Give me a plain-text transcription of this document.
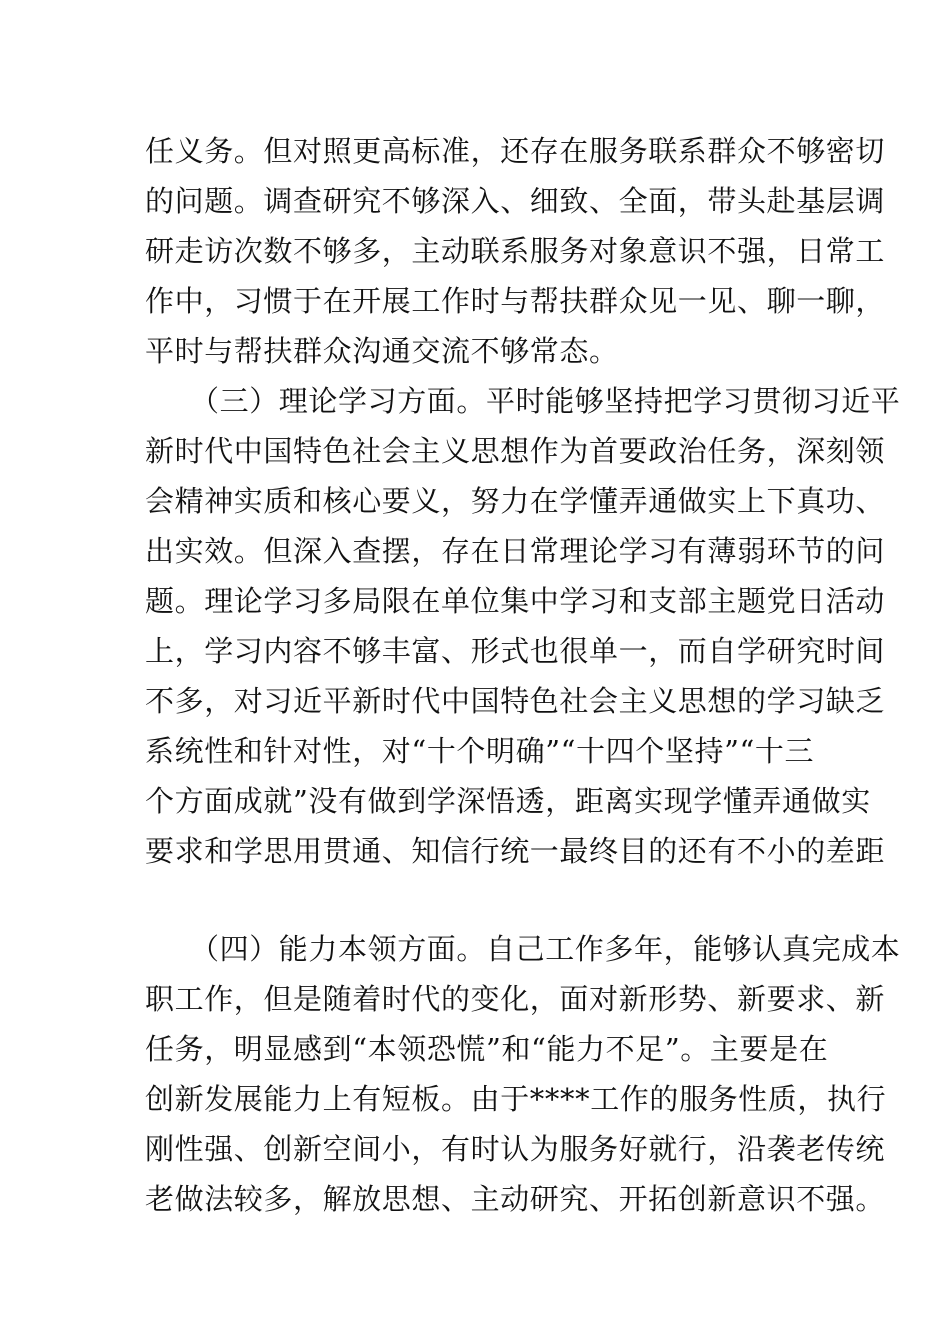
任义务。但对照更高标准，还存在服务联系群众不够密切
的问题。调查研究不够深入、细致、全面，带头赴基层调
研走访次数不够多，主动联系服务对象意识不强，日常工
作中，习惯于在开展工作时与帮扶群众见一见、聊一聊，
平时与帮扶群众沟通交流不够常态。
（三）理论学习方面。平时能够坚持把学习贯彻习近平
新时代中国特色社会主义思想作为首要政治任务，深刻领
会精神实质和核心要义，努力在学懂弄通做实上下真功、
出实效。但深入查摆，存在日常理论学习有薄弱环节的问
题。理论学习多局限在单位集中学习和支部主题党日活动
上，学习内容不够丰富、形式也很单一，而自学研究时间
不多，对习近平新时代中国特色社会主义思想的学习缺乏
系统性和针对性，对“十个明确”“十四个坚持”“十三
个方面成就”没有做到学深悟透，距离实现学懂弄通做实
要求和学思用贯通、知信行统一最终目的还有不小的差距
（四）能力本领方面。自己工作多年，能够认真完成本
职工作，但是随着时代的变化，面对新形势、新要求、新
任务，明显感到“本领恐慌”和“能力不足”。主要是在
创新发展能力上有短板。由于****工作的服务性质，执行
刚性强、创新空间小，有时认为服务好就行，沿袭老传统
老做法较多，解放思想、主动研究、开拓创新意识不强。
